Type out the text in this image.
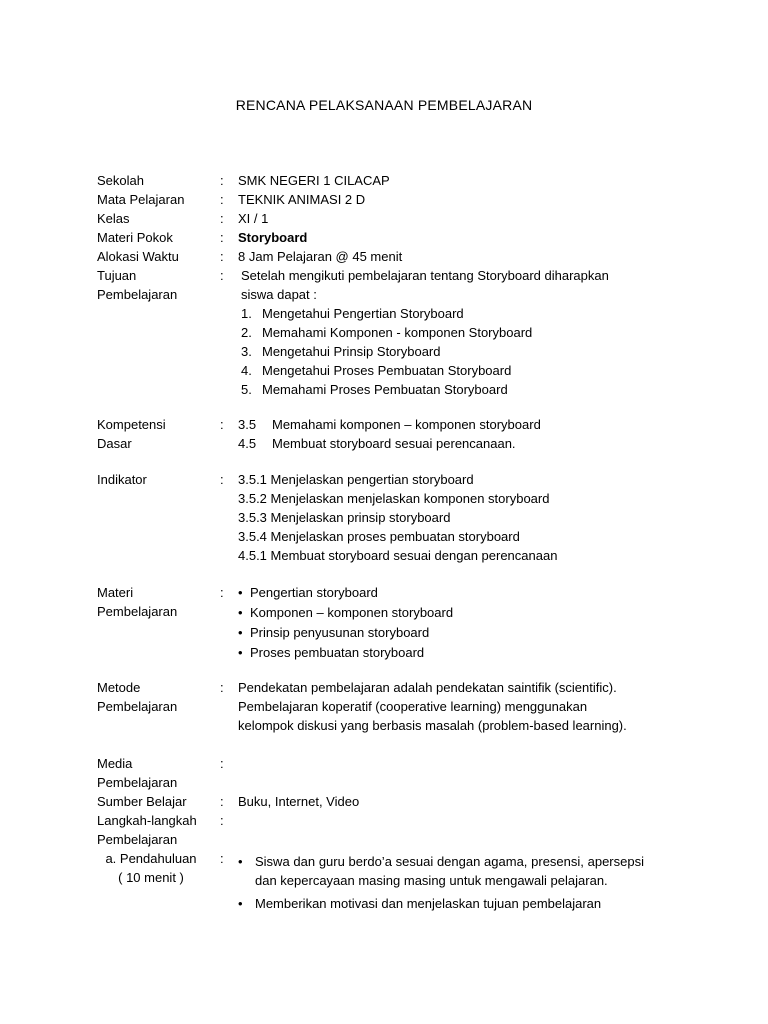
RENCANA PELAKSANAAN PEMBELAJARAN
Sekolah	: SMK NEGERI 1 CILACAP
Mata Pelajaran	: TEKNIK ANIMASI 2 D
Kelas	: XI / 1
Materi Pokok	: Storyboard
Alokasi Waktu	: 8 Jam Pelajaran @ 45 menit
Tujuan
Pembelajaran
: Setelah mengikuti pembelajaran tentang Storyboard diharapkan siswa dapat :
1. Mengetahui Pengertian Storyboard
2. Memahami Komponen - komponen Storyboard
3. Mengetahui Prinsip Storyboard
4. Mengetahui Proses Pembuatan Storyboard
5. Memahami Proses Pembuatan Storyboard
Kompetensi
Dasar
: 3.5 Memahami komponen – komponen storyboard
4.5 Membuat storyboard sesuai perencanaan.
Indikator	: 3.5.1 Menjelaskan pengertian storyboard
3.5.2 Menjelaskan menjelaskan komponen storyboard
3.5.3 Menjelaskan prinsip storyboard
3.5.4 Menjelaskan proses pembuatan storyboard
4.5.1 Membuat storyboard sesuai dengan perencanaan
Materi
Pembelajaran
:	• Pengertian storyboard
• Komponen – komponen storyboard
• Prinsip penyusunan storyboard
• Proses pembuatan storyboard
Metode
Pembelajaran
: Pendekatan pembelajaran adalah pendekatan saintifik (scientific). Pembelajaran koperatif (cooperative learning) menggunakan kelompok diskusi yang berbasis masalah (problem-based learning).
Media
Pembelajaran
:
Sumber Belajar	: Buku, Internet, Video
Langkah-langkah
Pembelajaran
:
a. Pendahuluan
( 10 menit )
:	• Siswa dan guru berdo’a sesuai dengan agama, presensi, apersepsi dan kepercayaan masing masing untuk mengawali pelajaran.
• Memberikan motivasi dan menjelaskan tujuan pembelajaran
